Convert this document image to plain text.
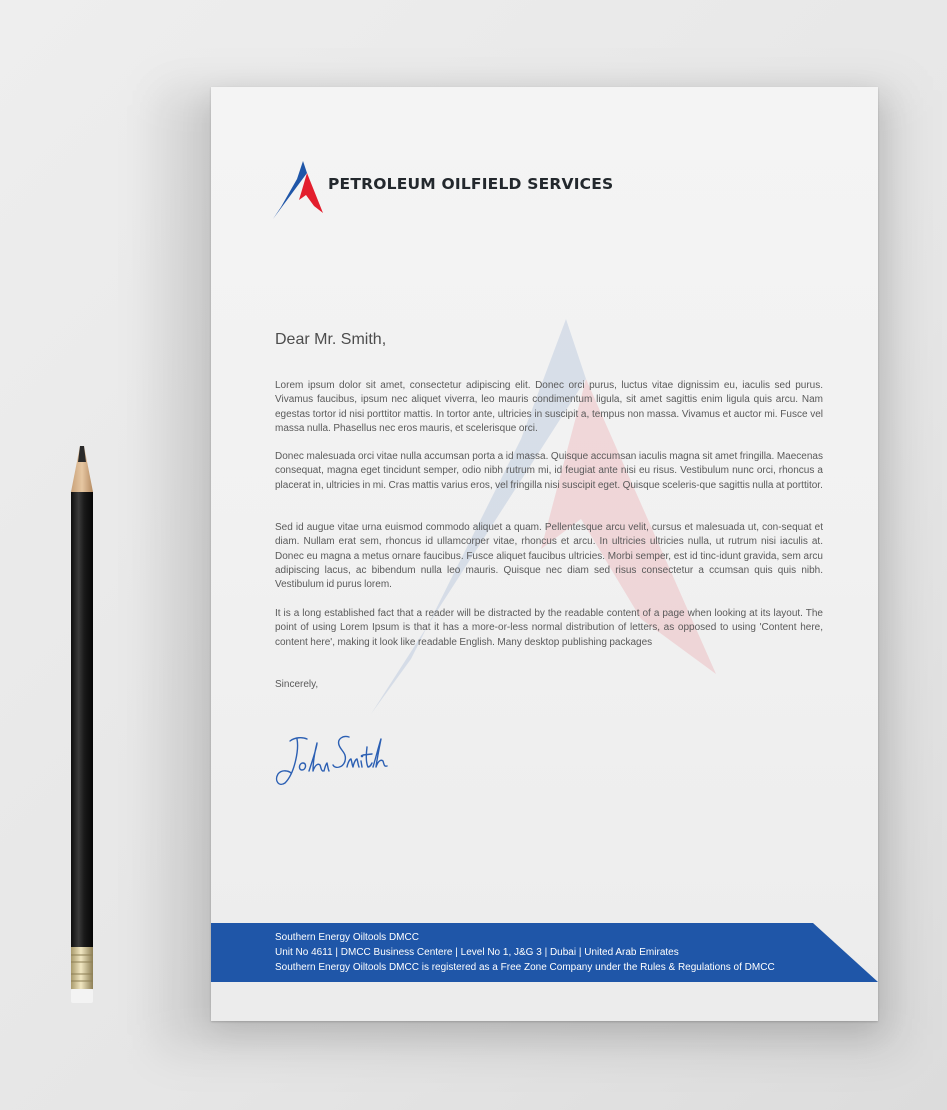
PETROLEUM OILFIELD SERVICES
Dear Mr. Smith,

Lorem ipsum dolor sit amet, consectetur adipiscing elit. Donec orci purus, luctus vitae dignissim eu, iaculis sed purus. Vivamus faucibus, ipsum nec aliquet viverra, leo mauris condimentum ligula, sit amet sagittis enim ligula quis arcu. Nam egestas tortor id nisi porttitor mattis. In tortor ante, ultricies in suscipit a, tempus non massa. Vivamus et auctor mi. Fusce vel massa nulla. Phasellus nec eros mauris, et scelerisque orci.

Donec malesuada orci vitae nulla accumsan porta a id massa. Quisque accumsan iaculis magna sit amet fringilla. Maecenas consequat, magna eget tincidunt semper, odio nibh rutrum mi, id feugiat ante nisi eu risus. Vestibulum nunc orci, rhoncus a placerat in, ultricies in mi. Cras mattis varius eros, vel fringilla nisi suscipit eget. Quisque sceleris-que sagittis nulla at porttitor.

Sed id augue vitae urna euismod commodo aliquet a quam. Pellentesque arcu velit, cursus et malesuada ut, con-sequat et diam. Nullam erat sem, rhoncus id ullamcorper vitae, rhoncus et arcu. In ultricies ultricies nulla, ut rutrum nisi iaculis at. Donec eu magna a metus ornare faucibus. Fusce aliquet faucibus ultricies. Morbi semper, est id tinc-idunt gravida, sem arcu adipiscing lacus, ac bibendum nulla leo mauris. Quisque nec diam sed risus consectetur a ccumsan quis quis nibh. Vestibulum id purus lorem.

It is a long established fact that a reader will be distracted by the readable content of a page when looking at its layout. The point of using Lorem Ipsum is that it has a more-or-less normal distribution of letters, as opposed to using 'Content here, content here', making it look like readable English. Many desktop publishing packages

Sincerely,
Southern Energy Oiltools DMCC
Unit No 4611 | DMCC Business Centere | Level No 1, J&G 3 | Dubai | United Arab Emirates
Southern Energy Oiltools DMCC is registered as a Free Zone Company under the Rules & Regulations of DMCC
